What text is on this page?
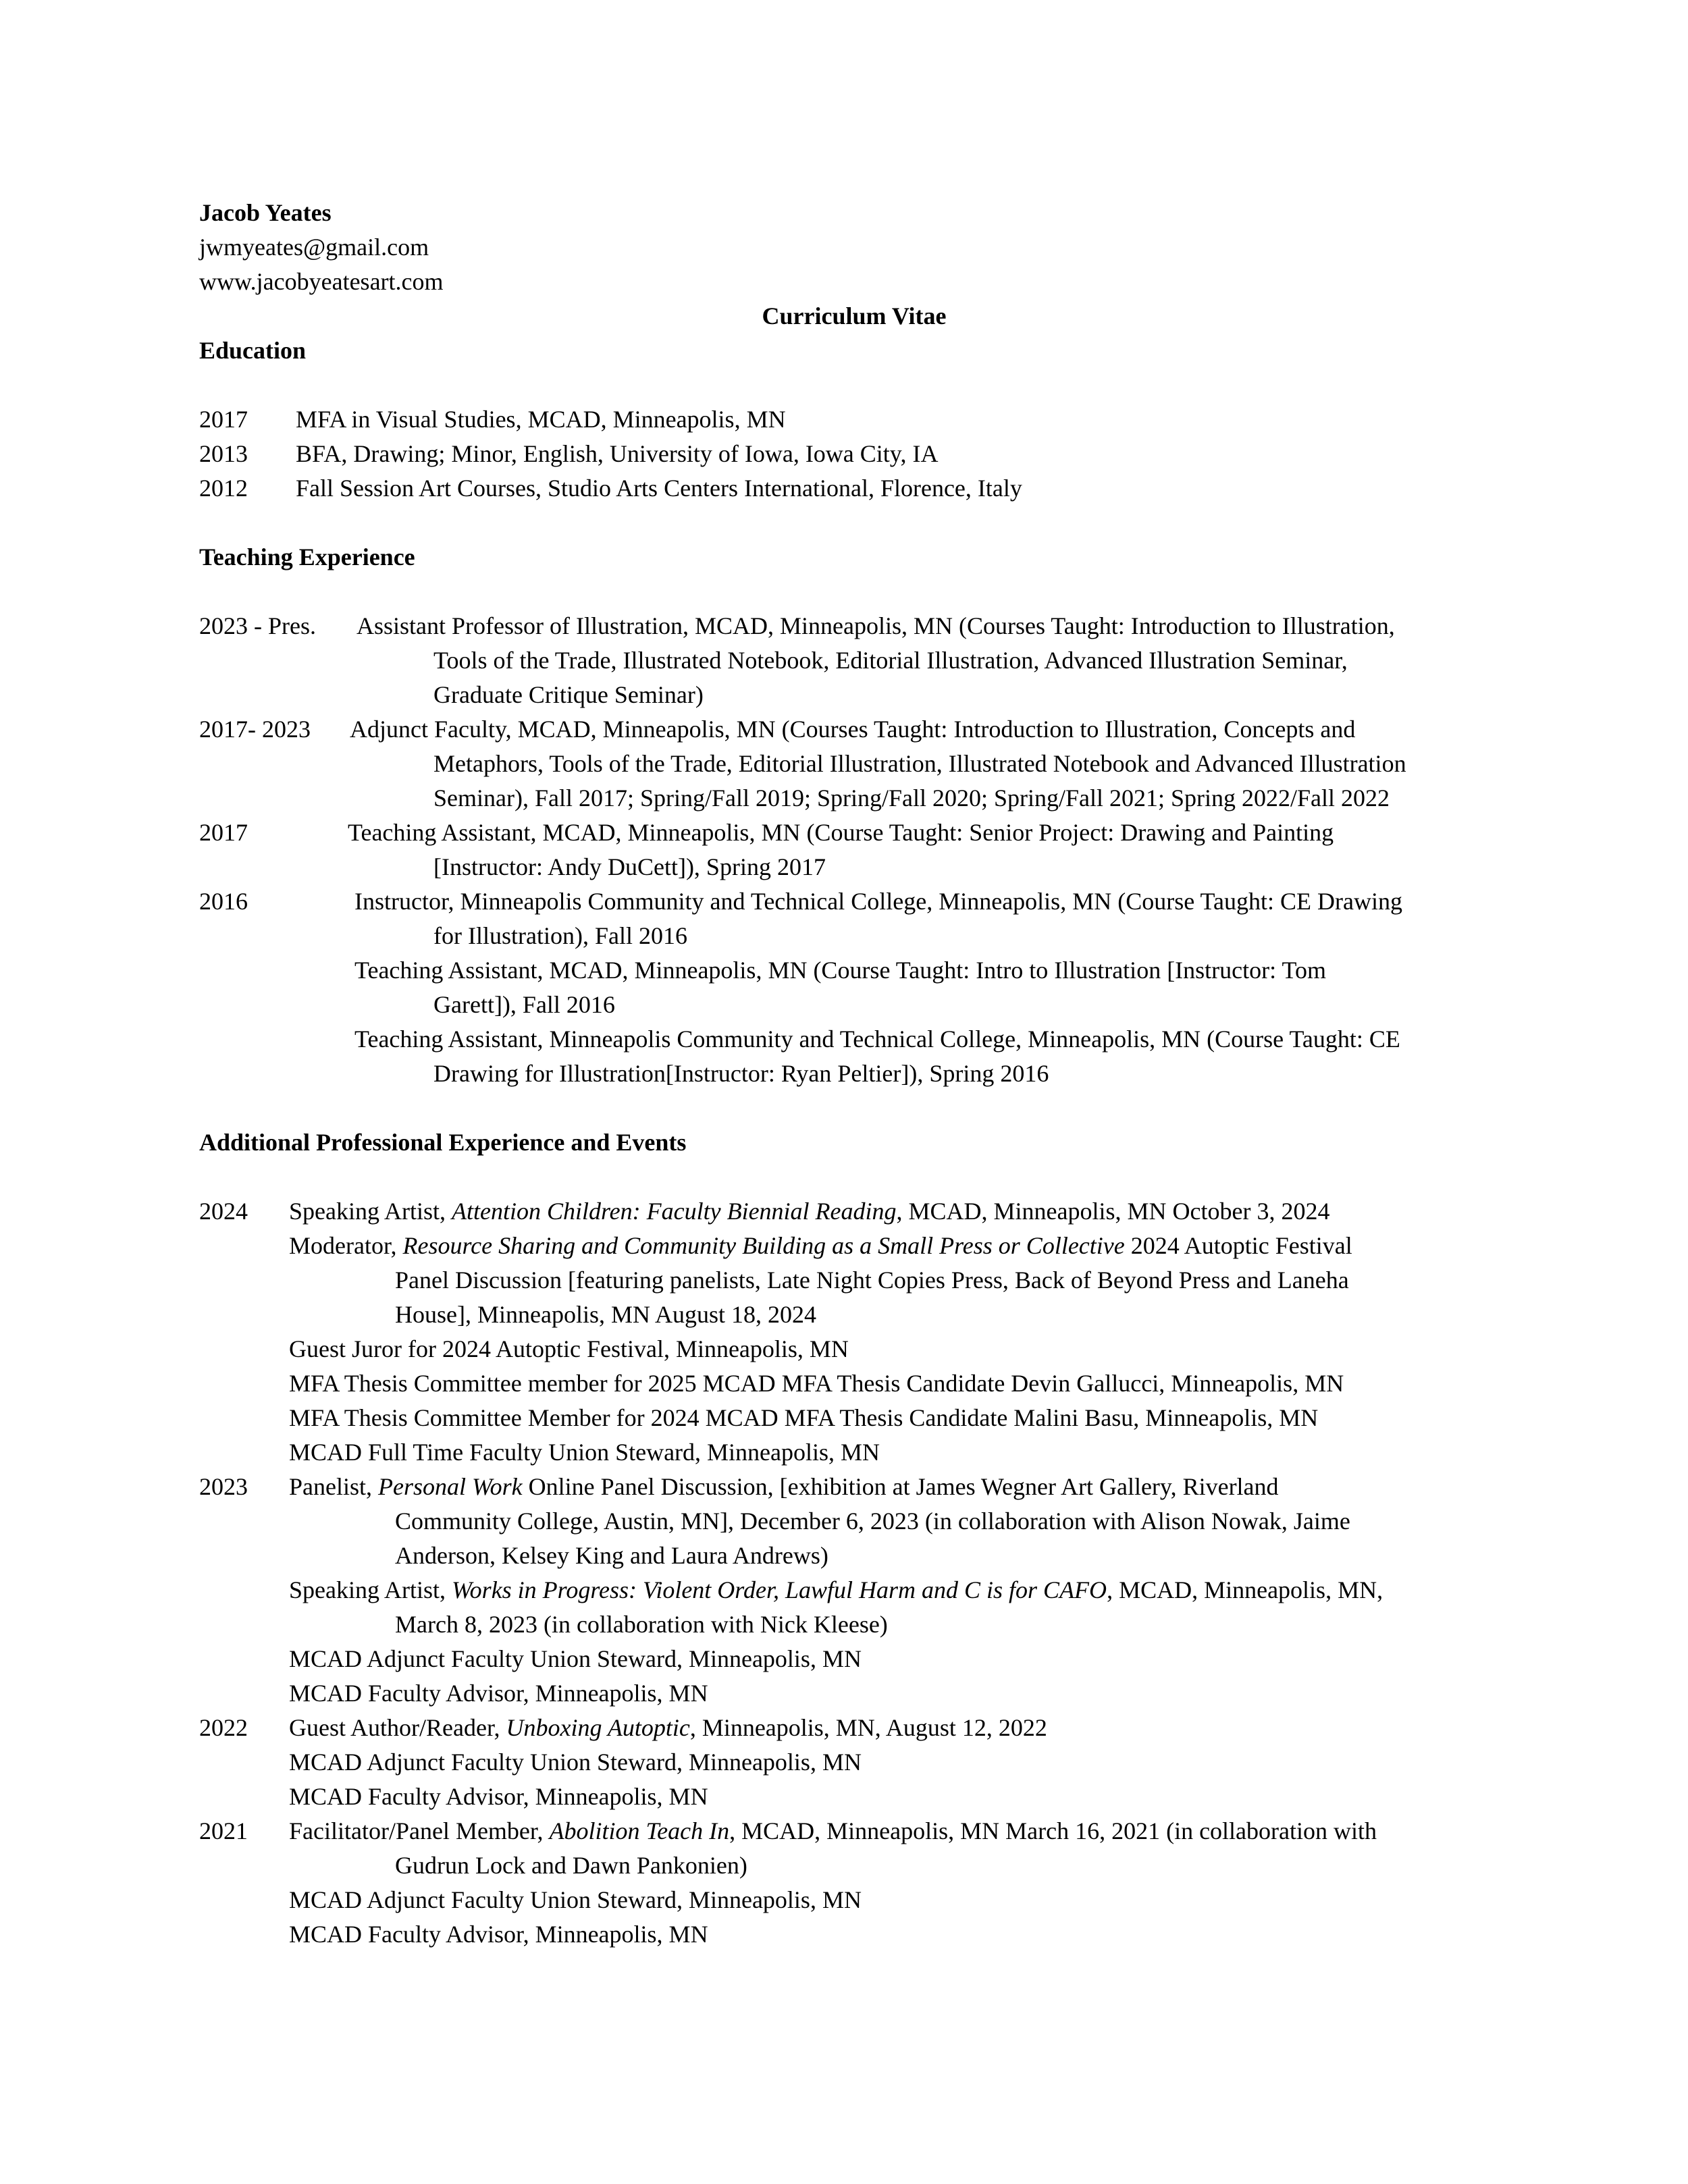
Jacob Yeates
jwmyeates@gmail.com
www.jacobyeatesart.com
Curriculum Vitae
Education
2017 MFA in Visual Studies, MCAD, Minneapolis, MN
2013 BFA, Drawing; Minor, English, University of Iowa, Iowa City, IA
2012 Fall Session Art Courses, Studio Arts Centers International, Florence, Italy
Teaching Experience
2023 - Pres. Assistant Professor of Illustration, MCAD, Minneapolis, MN (Courses Taught: Introduction to Illustration,
Tools of the Trade, Illustrated Notebook, Editorial Illustration, Advanced Illustration Seminar,
Graduate Critique Seminar)
2017- 2023 Adjunct Faculty, MCAD, Minneapolis, MN (Courses Taught: Introduction to Illustration, Concepts and
Metaphors, Tools of the Trade, Editorial Illustration, Illustrated Notebook and Advanced Illustration
Seminar), Fall 2017; Spring/Fall 2019; Spring/Fall 2020; Spring/Fall 2021; Spring 2022/Fall 2022
2017	Teaching Assistant, MCAD, Minneapolis, MN (Course Taught: Senior Project: Drawing and Painting
[Instructor: Andy DuCett]), Spring 2017
2016	Instructor, Minneapolis Community and Technical College, Minneapolis, MN (Course Taught: CE Drawing
for Illustration), Fall 2016
Teaching Assistant, MCAD, Minneapolis, MN (Course Taught: Intro to Illustration [Instructor: Tom
Garett]), Fall 2016
Teaching Assistant, Minneapolis Community and Technical College, Minneapolis, MN (Course Taught: CE
Drawing for Illustration[Instructor: Ryan Peltier]), Spring 2016
Additional Professional Experience and Events
2024 Speaking Artist, Attention Children: Faculty Biennial Reading, MCAD, Minneapolis, MN October 3, 2024
Moderator, Resource Sharing and Community Building as a Small Press or Collective 2024 Autoptic Festival
Panel Discussion [featuring panelists, Late Night Copies Press, Back of Beyond Press and Laneha
House], Minneapolis, MN August 18, 2024
Guest Juror for 2024 Autoptic Festival, Minneapolis, MN
MFA Thesis Committee member for 2025 MCAD MFA Thesis Candidate Devin Gallucci, Minneapolis, MN
MFA Thesis Committee Member for 2024 MCAD MFA Thesis Candidate Malini Basu, Minneapolis, MN
MCAD Full Time Faculty Union Steward, Minneapolis, MN
2023 Panelist, Personal Work Online Panel Discussion, [exhibition at James Wegner Art Gallery, Riverland
Community College, Austin, MN], December 6, 2023 (in collaboration with Alison Nowak, Jaime
Anderson, Kelsey King and Laura Andrews)
Speaking Artist, Works in Progress: Violent Order, Lawful Harm and C is for CAFO, MCAD, Minneapolis, MN,
March 8, 2023 (in collaboration with Nick Kleese)
MCAD Adjunct Faculty Union Steward, Minneapolis, MN
MCAD Faculty Advisor, Minneapolis, MN
2022 Guest Author/Reader, Unboxing Autoptic, Minneapolis, MN, August 12, 2022
MCAD Adjunct Faculty Union Steward, Minneapolis, MN
MCAD Faculty Advisor, Minneapolis, MN
2021 Facilitator/Panel Member, Abolition Teach In, MCAD, Minneapolis, MN March 16, 2021 (in collaboration with
Gudrun Lock and Dawn Pankonien)
MCAD Adjunct Faculty Union Steward, Minneapolis, MN
MCAD Faculty Advisor, Minneapolis, MN
